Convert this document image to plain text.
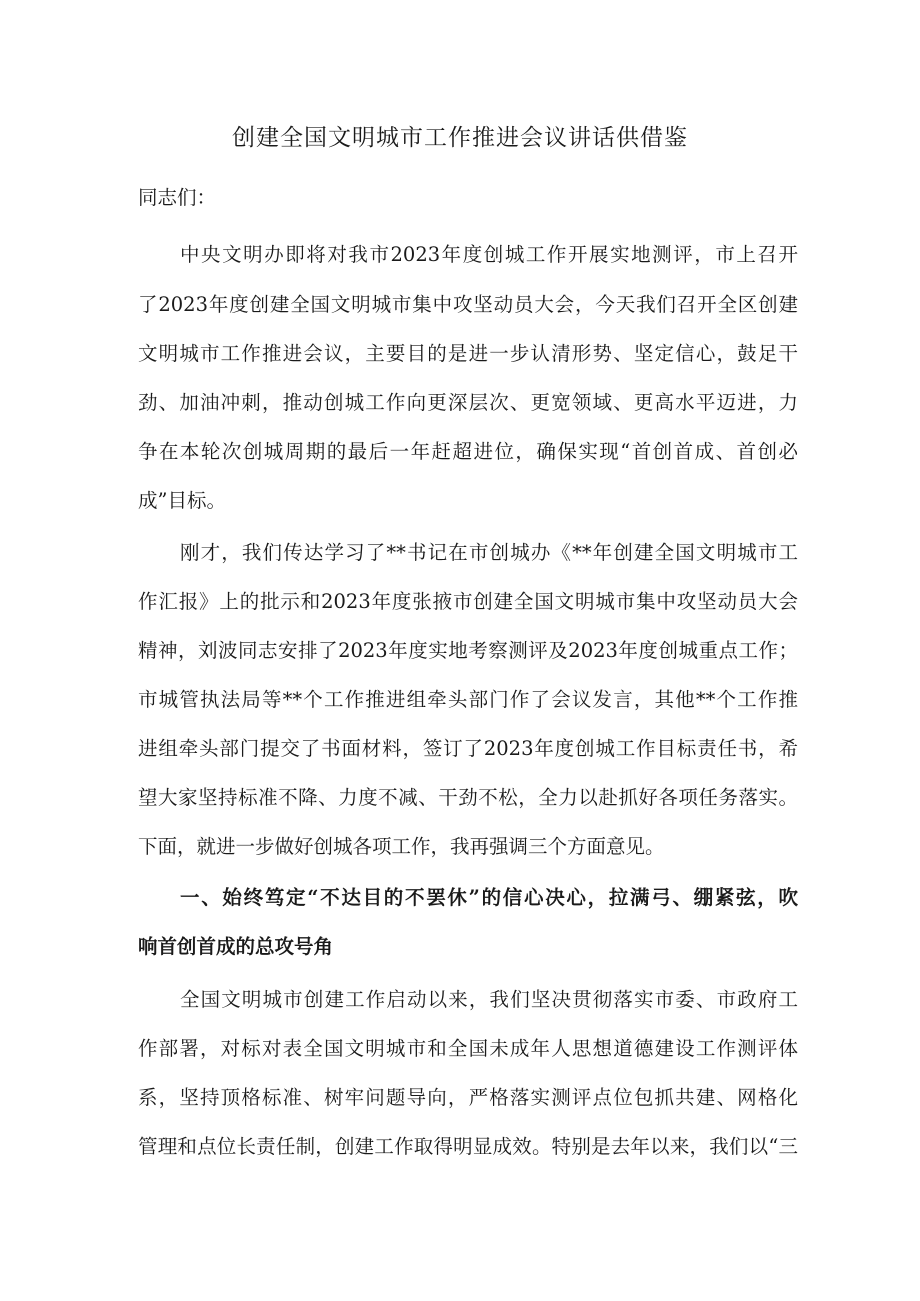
创建全国文明城市工作推进会议讲话供借鉴

同志们：

中央文明办即将对我市2023年度创城工作开展实地测评，市上召开

了2023年度创建全国文明城市集中攻坚动员大会，今天我们召开全区创建

文明城市工作推进会议，主要目的是进一步认清形势、坚定信心，鼓足干

劲、加油冲刺，推动创城工作向更深层次、更宽领域、更高水平迈进，力

争在本轮次创城周期的最后一年赶超进位，确保实现“首创首成、首创必

成”目标。

刚才，我们传达学习了**书记在市创城办《**年创建全国文明城市工

作汇报》上的批示和2023年度张掖市创建全国文明城市集中攻坚动员大会

精神，刘波同志安排了2023年度实地考察测评及2023年度创城重点工作；

市城管执法局等**个工作推进组牵头部门作了会议发言，其他**个工作推

进组牵头部门提交了书面材料，签订了2023年度创城工作目标责任书，希

望大家坚持标准不降、力度不减、干劲不松，全力以赴抓好各项任务落实。

下面，就进一步做好创城各项工作，我再强调三个方面意见。

一、始终笃定“不达目的不罢休”的信心决心，拉满弓、绷紧弦，吹

响首创首成的总攻号角

全国文明城市创建工作启动以来，我们坚决贯彻落实市委、市政府工

作部署，对标对表全国文明城市和全国未成年人思想道德建设工作测评体

系，坚持顶格标准、树牢问题导向，严格落实测评点位包抓共建、网格化

管理和点位长责任制，创建工作取得明显成效。特别是去年以来，我们以“三
